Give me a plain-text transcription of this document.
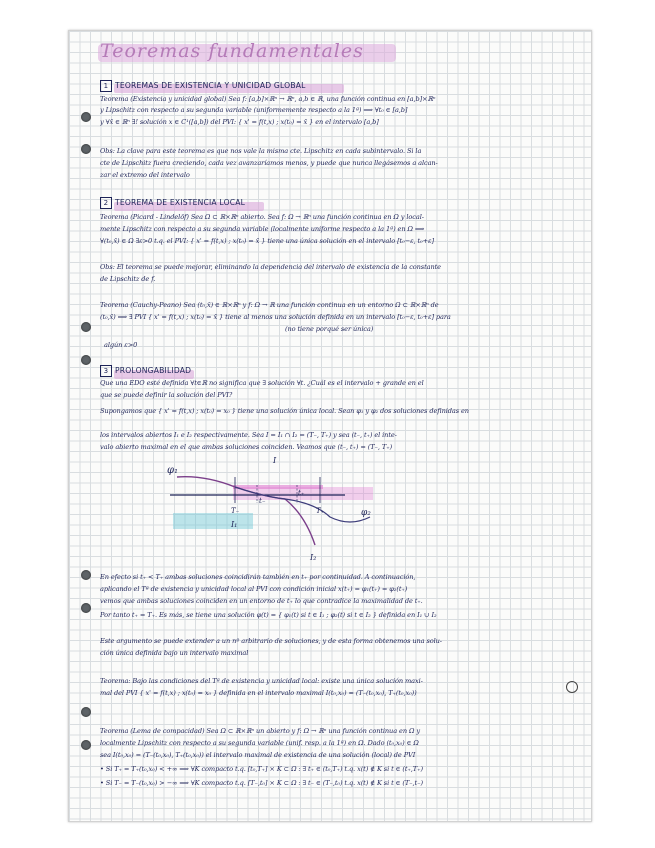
Teoremas fundamentales
1 TEOREMAS DE EXISTENCIA Y UNICIDAD GLOBAL
Teorema (Existencia y unicidad global) Sea f: [a,b]×ℝⁿ → ℝⁿ, a,b ∈ ℝ, una función continua en [a,b]×ℝⁿ
y Lipschitz con respecto a su segunda variable (uniformemente respecto a la 1ª) ⟹ ∀t₀ ∈ [a,b]
y ∀x̄ ∈ ℝⁿ ∃! solución x ∈ C¹([a,b]) del PVI: { x' = f(t,x) ; x(t₀) = x̄ } en el intervalo [a,b]
Obs: La clave para este teorema es que nos vale la misma cte. Lipschitz en cada subintervalo. Si la
cte de Lipschitz fuera creciendo, cada vez avanzaríamos menos, y puede que nunca llegásemos a alcan-
zar el extremo del intervalo
2 TEOREMA DE EXISTENCIA LOCAL
Teorema (Picard - Lindelöf) Sea Ω ⊂ ℝ×ℝⁿ abierto. Sea f: Ω → ℝⁿ una función continua en Ω y local-
mente Lipschitz con respecto a su segunda variable (localmente uniforme respecto a la 1ª) en Ω ⟹
∀(t₀,x̄) ∈ Ω ∃ε>0 t.q. el PVI: { x' = f(t,x) ; x(t₀) = x̄ } tiene una única solución en el intervalo [t₀−ε, t₀+ε]
Obs: El teorema se puede mejorar, eliminando la dependencia del intervalo de existencia de la constante
de Lipschitz de f.
Teorema (Cauchy-Peano) Sea (t₀,x̄) ∈ ℝ×ℝⁿ y f: Ω → ℝ una función continua en un entorno Ω ⊂ ℝ×ℝⁿ de
(t₀,x̄) ⟹ ∃ PVI { x' = f(t,x) ; x(t₀) = x̄ } tiene al menos una solución definida en un intervalo [t₀−ε, t₀+ε] para
(no tiene porqué ser única)
algún ε>0
3 PROLONGABILIDAD
Que una EDO esté definida ∀t∈ℝ no significa que ∃ solución ∀t. ¿Cuál es el intervalo + grande en el
que se puede definir la solución del PVI?
Supongamos que { x' = f(t,x) ; x(t₀) = x₀ } tiene una solución única local. Sean φ₁ y φ₂ dos soluciones definidas en
los intervalos abiertos I₁ e I₂ respectivamente. Sea I = I₁ ∩ I₂ = (T₋, T₊) y sea (t₋, t₊) el inte-
valo abierto maximal en el que ambas soluciones coinciden. Veamos que (t₋, t₊) = (T₋, T₊)
φ₁
φ₂
I
I₁
I₂
T₋	T₊
t₋
t₊
En efecto si t₊ < T₊ ambas soluciones coincidirán también en t₊ por continuidad. A continuación,
aplicando el Tª de existencia y unicidad local al PVI con condición inicial x(t₊) = φ₁(t₊) = φ₂(t₊)
vemos que ambas soluciones coinciden en un entorno de t₊ lo que contradice la maximalidad de t₊.
Por tanto t₊ = T₊. Es más, se tiene una solución φ(t) = { φ₁(t) si t ∈ I₁ ; φ₂(t) si t ∈ I₂ } definida en I₁ ∪ I₂
Este argumento se puede extender a un nº arbitrario de soluciones, y de esta forma obtenemos una solu-
ción única definida bajo un intervalo maximal
Teorema: Bajo las condiciones del Tª de existencia y unicidad local: existe una única solución maxi-
mal del PVI { x' = f(t,x) ; x(t₀) = x₀ } definida en el intervalo maximal I(t₀,x₀) = (T₋(t₀,x₀), T₊(t₀,x₀))
Teorema (Lema de compacidad) Sea Ω ⊂ ℝ×ℝⁿ un abierto y f: Ω → ℝⁿ una función continua en Ω y
localmente Lipschitz con respecto a su segunda variable (unif. resp. a la 1ª) en Ω. Dado (t₀,x₀) ∈ Ω
sea I(t₀,x₀) = (T₋(t₀,x₀), T₊(t₀,x₀)) el intervalo maximal de existencia de una solución (local) de PVI
• Si T₊ = T₊(t₀,x₀) < +∞ ⟹ ∀K compacto t.q. [t₀,T₊] × K ⊂ Ω : ∃ t₊ ∈ (t₀,T₊) t.q. x(t) ∉ K si t ∈ (t₊,T₊)
• Si T₋ = T₋(t₀,x₀) > −∞ ⟹ ∀K compacto t.q. [T₋,t₀] × K ⊂ Ω : ∃ t₋ ∈ (T₋,t₀) t.q. x(t) ∉ K si t ∈ (T₋,t₋)
